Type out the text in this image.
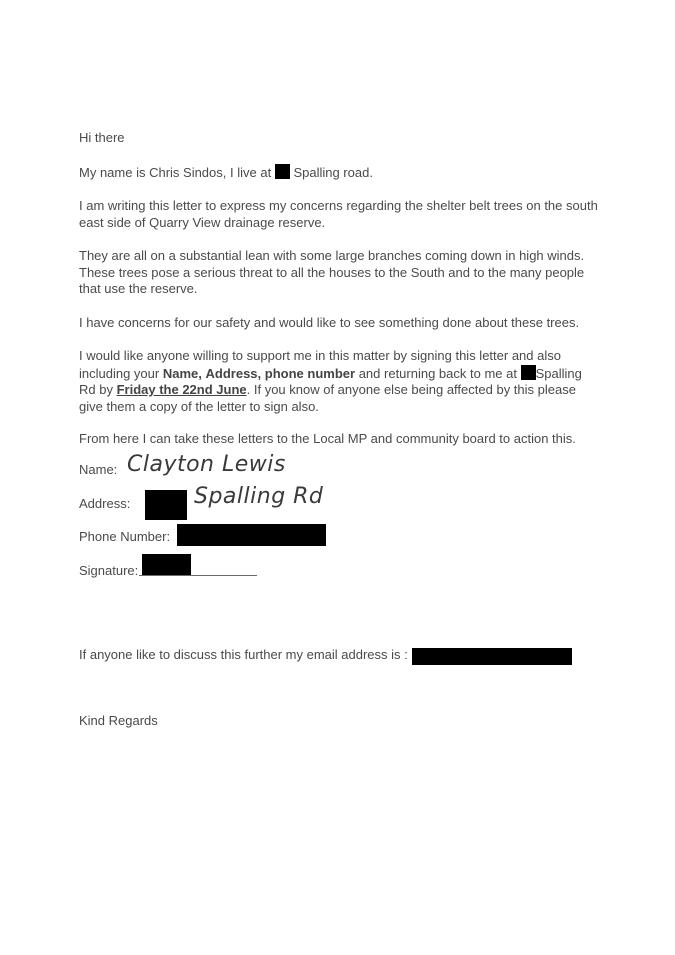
Hi there

My name is Chris Sindos, I live at Spalling road.

I am writing this letter to express my concerns regarding the shelter belt trees on the south east side of Quarry View drainage reserve.

They are all on a substantial lean with some large branches coming down in high winds. These trees pose a serious threat to all the houses to the South and to the many people that use the reserve.

I have concerns for our safety and would like to see something done about these trees.

I would like anyone willing to support me in this matter by signing this letter and also including your Name, Address, phone number and returning back to me at Spalling Rd by Friday the 22nd June. If you know of anyone else being affected by this please give them a copy of the letter to sign also.

From here I can take these letters to the Local MP and community board to action this.

Name: Clayton Lewis
Address:	Spalling Rd
Phone Number:
Signature:

If anyone like to discuss this further my email address is :

Kind Regards
